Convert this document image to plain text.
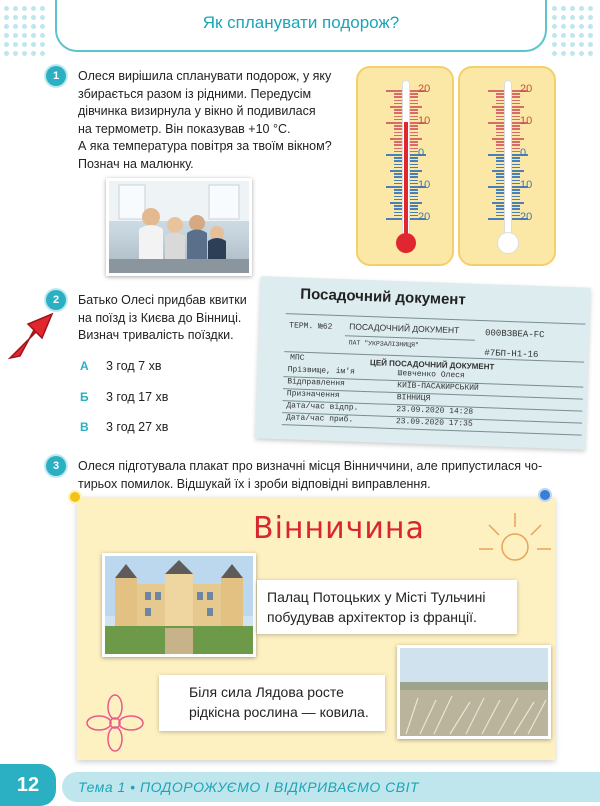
Як спланувати подорож?
1	Олеся вирішила спланувати подорож, у яку
збирається разом із рідними. Передусім
дівчинка визирнула у вікно й подивилася
на термометр. Він показував +10 °С.
А яка температура повітря за твоїм вікном?
Познач на малюнку.
20
10
0
10
20
20
10
0
10
20
2	Батько Олесі придбав квитки
на поїзд із Києва до Вінниці.
Визнач тривалість поїздки.
А 3 год 7 хв
Б 3 год 17 хв
В 3 год 27 хв
Посадочний документ
ТЕРМ. №62 ПОСАДОЧНИЙ ДОКУМЕНТ	000ВЗВЕА-FC
ПАТ "УКРЗАЛІЗНИЦЯ"
#7БП-Н1-16
МПС
ЦЕЙ ПОСАДОЧНИЙ ДОКУМЕНТ
Прізвище, ім'я	Шевченко Олеся
Відправлення	КИЇВ-ПАСАЖИРСЬКИЙ
Призначення	ВІННИЦЯ
Дата/час відпр.	23.09.2020 14:28
Дата/час приб.	23.09.2020 17:35
3	Олеся підготувала плакат про визначні місця Вінниччини, але припустилася чо-
тирьох помилок. Відшукай їх і зроби відповідні виправлення.
Вінничина
Палац Потоцьких у Місті Тульчині
побудував архітектор із франції.
Біля сила Лядова росте
рідкісна рослина — ковила.
12	Тема 1 • ПОДОРОЖУЄМО І ВІДКРИВАЄМО СВІТ
